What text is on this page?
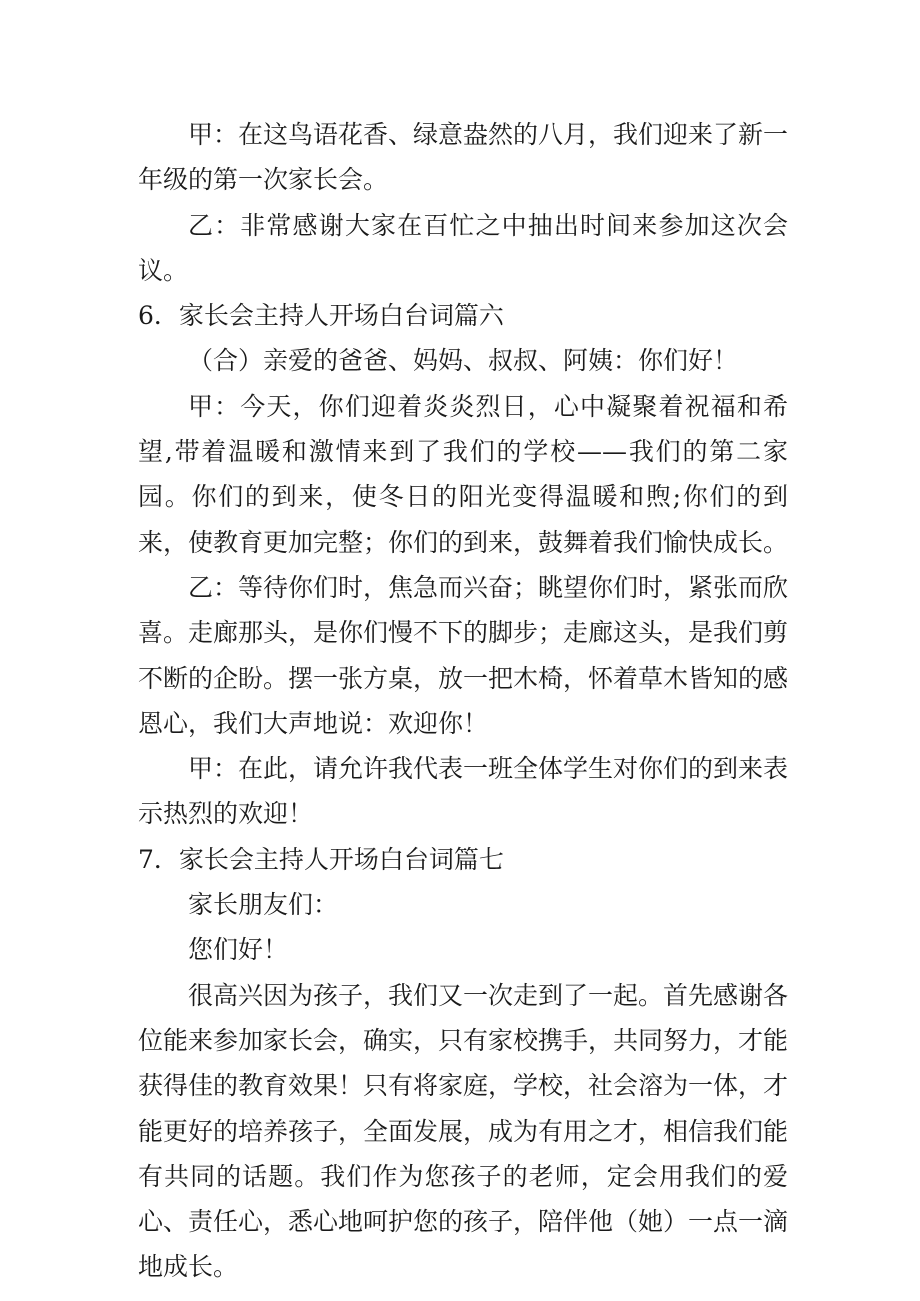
甲：在这鸟语花香、绿意盎然的八月，我们迎来了新一年级的第一次家长会。

乙：非常感谢大家在百忙之中抽出时间来参加这次会议。

6．家长会主持人开场白台词篇六

（合）亲爱的爸爸、妈妈、叔叔、阿姨：你们好！

甲：今天，你们迎着炎炎烈日，心中凝聚着祝福和希望,带着温暖和激情来到了我们的学校——我们的第二家园。你们的到来，使冬日的阳光变得温暖和煦;你们的到来，使教育更加完整；你们的到来，鼓舞着我们愉快成长。

乙：等待你们时，焦急而兴奋；眺望你们时，紧张而欣喜。走廊那头，是你们慢不下的脚步；走廊这头，是我们剪不断的企盼。摆一张方桌，放一把木椅，怀着草木皆知的感恩心，我们大声地说：欢迎你！

甲：在此，请允许我代表一班全体学生对你们的到来表示热烈的欢迎！

7．家长会主持人开场白台词篇七

家长朋友们：

您们好！

很高兴因为孩子，我们又一次走到了一起。首先感谢各位能来参加家长会，确实，只有家校携手，共同努力，才能获得佳的教育效果！只有将家庭，学校，社会溶为一体，才能更好的培养孩子，全面发展，成为有用之才，相信我们能有共同的话题。我们作为您孩子的老师，定会用我们的爱心、责任心，悉心地呵护您的孩子，陪伴他（她）一点一滴地成长。
